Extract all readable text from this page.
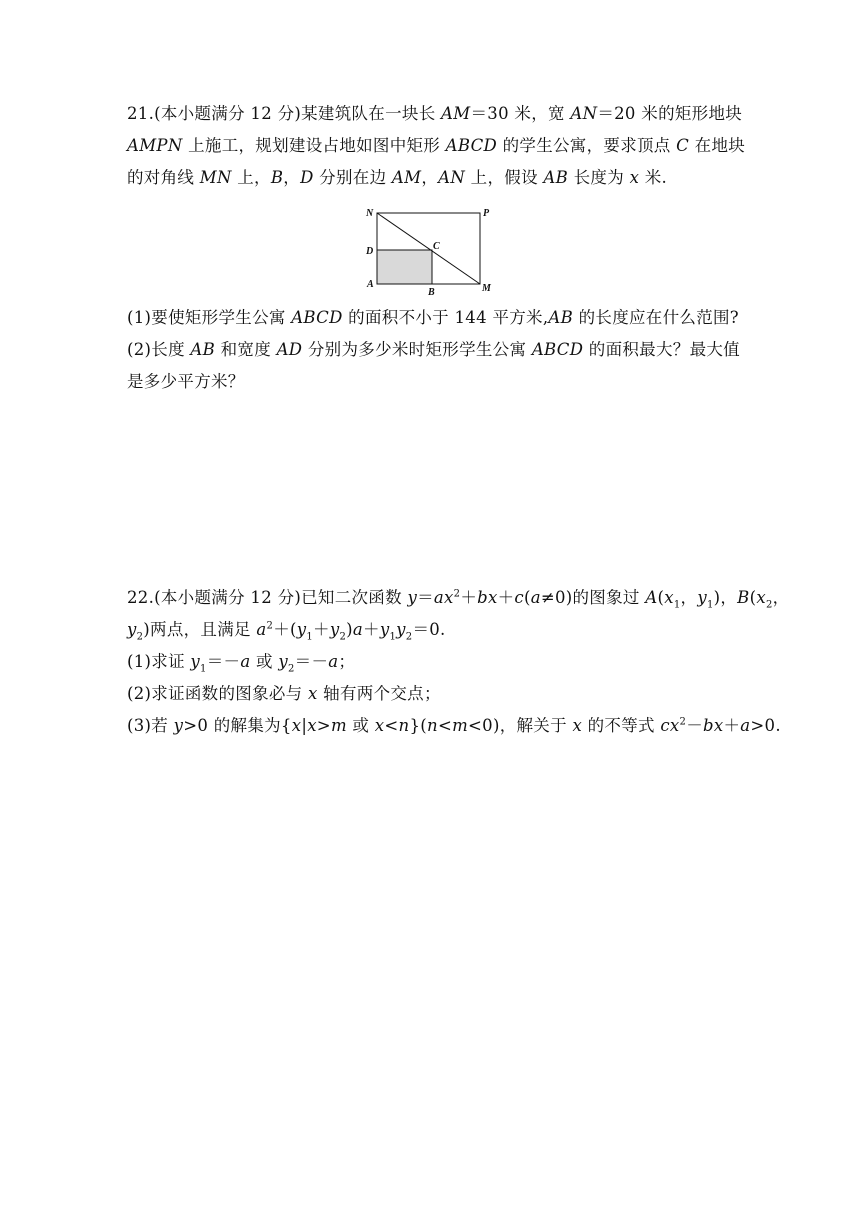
21.(本小题满分 12 分)某建筑队在一块长 AM＝30 米，宽 AN＝20 米的矩形地块
AMPN 上施工，规划建设占地如图中矩形 ABCD 的学生公寓，要求顶点 C 在地块
的对角线 MN 上，B，D 分别在边 AM，AN 上，假设 AB 长度为 x 米.
(1)要使矩形学生公寓 ABCD 的面积不小于 144 平方米,AB 的长度应在什么范围?
(2)长度 AB 和宽度 AD 分别为多少米时矩形学生公寓 ABCD 的面积最大？最大值
是多少平方米？
N	P
D	C
A
B	M
22.(本小题满分 12 分)已知二次函数 $y=ax^2+bx+c(a\ne 0)$的图象过 $A(x_1$，$y_1$)，$B(x_2$，
$y_2$)两点，且满足 $a^2+(y_1+y_2)a+y_1y_2=0$.
(1)求证 $y_1=-a$ 或 $y_2=-a$；
(2)求证函数的图象必与 x 轴有两个交点；
(3)若 y>0 的解集为{x|x>m 或 x<n}(n<m<0)，解关于 x 的不等式 $cx^2-bx+a>0$.
